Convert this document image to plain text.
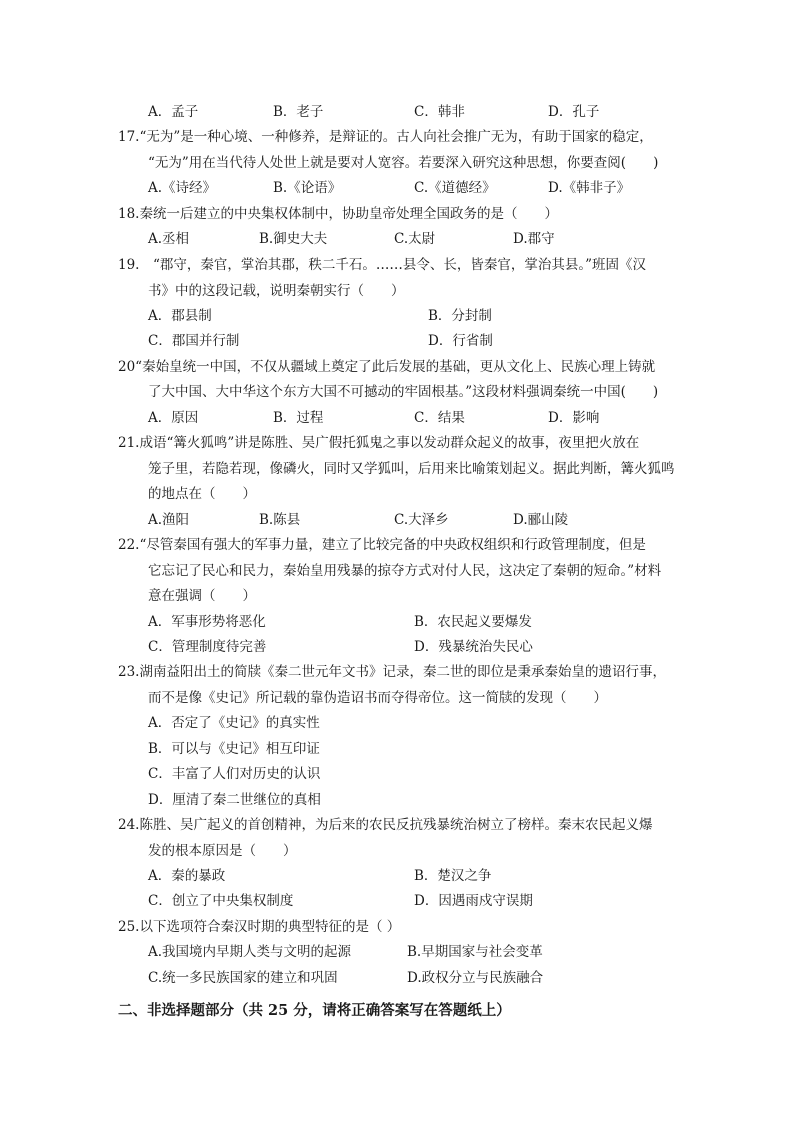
A．孟子	B．老子	C．韩非	D．孔子
17.“无为”是一种心境、一种修养，是辩证的。古人向社会推广无为，有助于国家的稳定，
“无为”用在当代待人处世上就是要对人宽容。若要深入研究这种思想，你要查阅(　　)
A.《诗经》	B.《论语》	C.《道德经》	D.《韩非子》
18.秦统一后建立的中央集权体制中，协助皇帝处理全国政务的是（　　）
A.丞相	B.御史大夫	C.太尉	D.郡守
19.　“郡守，秦官，掌治其郡，秩二千石。……县令、长，皆秦官，掌治其县。”班固《汉
书》中的这段记载，说明秦朝实行（　　）
A．郡县制	B．分封制
C．郡国并行制	D．行省制
20“秦始皇统一中国，不仅从疆域上奠定了此后发展的基础，更从文化上、民族心理上铸就
了大中国、大中华这个东方大国不可撼动的牢固根基。”这段材料强调秦统一中国(　　)
A．原因	B．过程	C．结果	D．影响
21.成语“篝火狐鸣”讲是陈胜、吴广假托狐鬼之事以发动群众起义的故事，夜里把火放在
笼子里，若隐若现，像磷火，同时又学狐叫，后用来比喻策划起义。据此判断，篝火狐鸣
的地点在（　　）
A.渔阳	B.陈县	C.大泽乡	D.郦山陵
22.“尽管秦国有强大的军事力量，建立了比较完备的中央政权组织和行政管理制度，但是
它忘记了民心和民力，秦始皇用残暴的掠夺方式对付人民，这决定了秦朝的短命。”材料
意在强调（　　）
A．军事形势将恶化	B．农民起义要爆发
C．管理制度待完善	D．残暴统治失民心
23.湖南益阳出土的简牍《秦二世元年文书》记录，秦二世的即位是秉承秦始皇的遗诏行事，
而不是像《史记》所记载的靠伪造诏书而夺得帝位。这一简牍的发现（　　）
A．否定了《史记》的真实性
B．可以与《史记》相互印证
C．丰富了人们对历史的认识
D．厘清了秦二世继位的真相
24.陈胜、吴广起义的首创精神，为后来的农民反抗残暴统治树立了榜样。秦末农民起义爆
发的根本原因是（　　）
A．秦的暴政	B．楚汉之争
C．创立了中央集权制度	D．因遇雨戍守误期
25.以下选项符合秦汉时期的典型特征的是（ ）
A.我国境内早期人类与文明的起源	B.早期国家与社会变革
C.统一多民族国家的建立和巩固	D.政权分立与民族融合
二、非选择题部分（共 25 分，请将正确答案写在答题纸上）
